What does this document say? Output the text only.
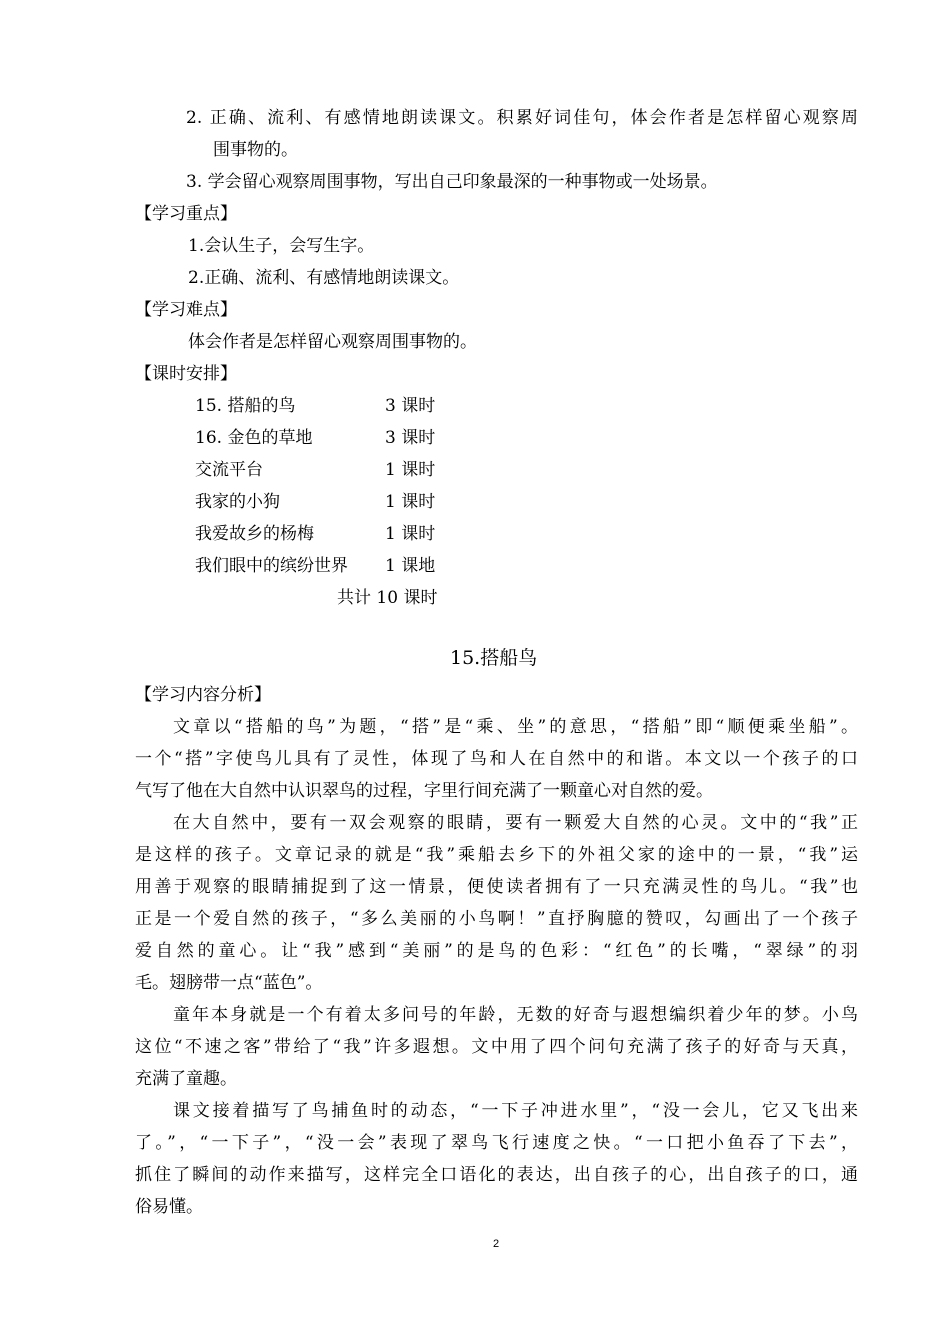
2. 正确、流利、有感情地朗读课文。积累好词佳句，体会作者是怎样留心观察周
围事物的。
3. 学会留心观察周围事物，写出自己印象最深的一种事物或一处场景。
【学习重点】
1.会认生子，会写生字。
2.正确、流利、有感情地朗读课文。
【学习难点】
体会作者是怎样留心观察周围事物的。
【课时安排】
15. 搭船的鸟	3 课时
16. 金色的草地	3 课时
交流平台	1 课时
我家的小狗	1 课时
我爱故乡的杨梅	1 课时
我们眼中的缤纷世界 1 课地
共计 10 课时
15.搭船鸟
【学习内容分析】
文章以“搭船的鸟”为题，“搭”是“乘、坐”的意思，“搭船”即“顺便乘坐船”。
一个“搭”字使鸟儿具有了灵性，体现了鸟和人在自然中的和谐。本文以一个孩子的口
气写了他在大自然中认识翠鸟的过程，字里行间充满了一颗童心对自然的爱。
在大自然中，要有一双会观察的眼睛，要有一颗爱大自然的心灵。文中的“我”正
是这样的孩子。文章记录的就是“我”乘船去乡下的外祖父家的途中的一景，“我”运
用善于观察的眼睛捕捉到了这一情景，便使读者拥有了一只充满灵性的鸟儿。“我”也
正是一个爱自然的孩子，“多么美丽的小鸟啊！”直抒胸臆的赞叹，勾画出了一个孩子
爱自然的童心。让“我”感到“美丽”的是鸟的色彩：“红色”的长嘴，“翠绿”的羽
毛。翅膀带一点“蓝色”。
童年本身就是一个有着太多问号的年龄，无数的好奇与遐想编织着少年的梦。小鸟
这位“不速之客”带给了“我”许多遐想。文中用了四个问句充满了孩子的好奇与天真，
充满了童趣。
课文接着描写了鸟捕鱼时的动态，“一下子冲进水里”，“没一会儿，它又飞出来
了。”，“一下子”，“没一会”表现了翠鸟飞行速度之快。“一口把小鱼吞了下去”，
抓住了瞬间的动作来描写，这样完全口语化的表达，出自孩子的心，出自孩子的口，通
俗易懂。
2
